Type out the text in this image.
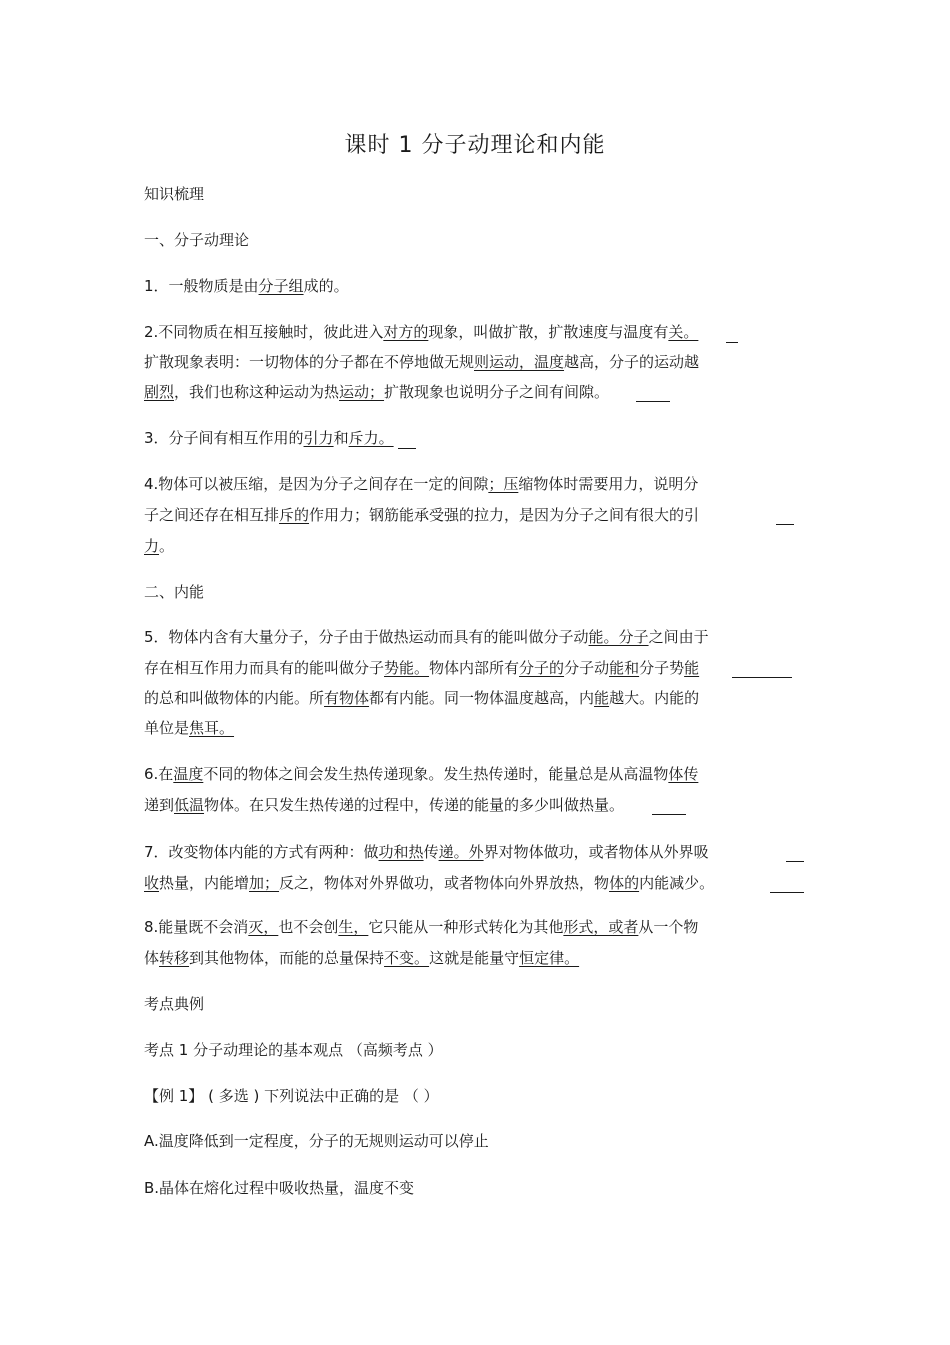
课时 1 分子动理论和内能
知识梳理
一、分子动理论
1．一般物质是由分子组成的。
2.不同物质在相互接触时，彼此进入对方的现象，叫做扩散，扩散速度与温度有关。
扩散现象表明：一切物体的分子都在不停地做无规则运动，温度越高，分子的运动越
剧烈，我们也称这种运动为热运动；扩散现象也说明分子之间有间隙。
3．分子间有相互作用的引力和斥力。
4.物体可以被压缩，是因为分子之间存在一定的间隙；压缩物体时需要用力，说明分
子之间还存在相互排斥的作用力；钢筋能承受强的拉力，是因为分子之间有很大的引
力。
二、内能
5．物体内含有大量分子，分子由于做热运动而具有的能叫做分子动能。分子之间由于
存在相互作用力而具有的能叫做分子势能。物体内部所有分子的分子动能和分子势能
的总和叫做物体的内能。所有物体都有内能。同一物体温度越高，内能越大。内能的
单位是焦耳。
6.在温度不同的物体之间会发生热传递现象。发生热传递时，能量总是从高温物体传
递到低温物体。在只发生热传递的过程中，传递的能量的多少叫做热量。
7．改变物体内能的方式有两种：做功和热传递。外界对物体做功，或者物体从外界吸
收热量，内能增加；反之，物体对外界做功，或者物体向外界放热，物体的内能减少。
8.能量既不会消灭，也不会创生，它只能从一种形式转化为其他形式，或者从一个物
体转移到其他物体，而能的总量保持不变。这就是能量守恒定律。
考点典例
考点 1 分子动理论的基本观点 （高频考点 ）
【例 1】 ( 多选 ) 下列说法中正确的是 （ ）
A.温度降低到一定程度，分子的无规则运动可以停止
B.晶体在熔化过程中吸收热量，温度不变
